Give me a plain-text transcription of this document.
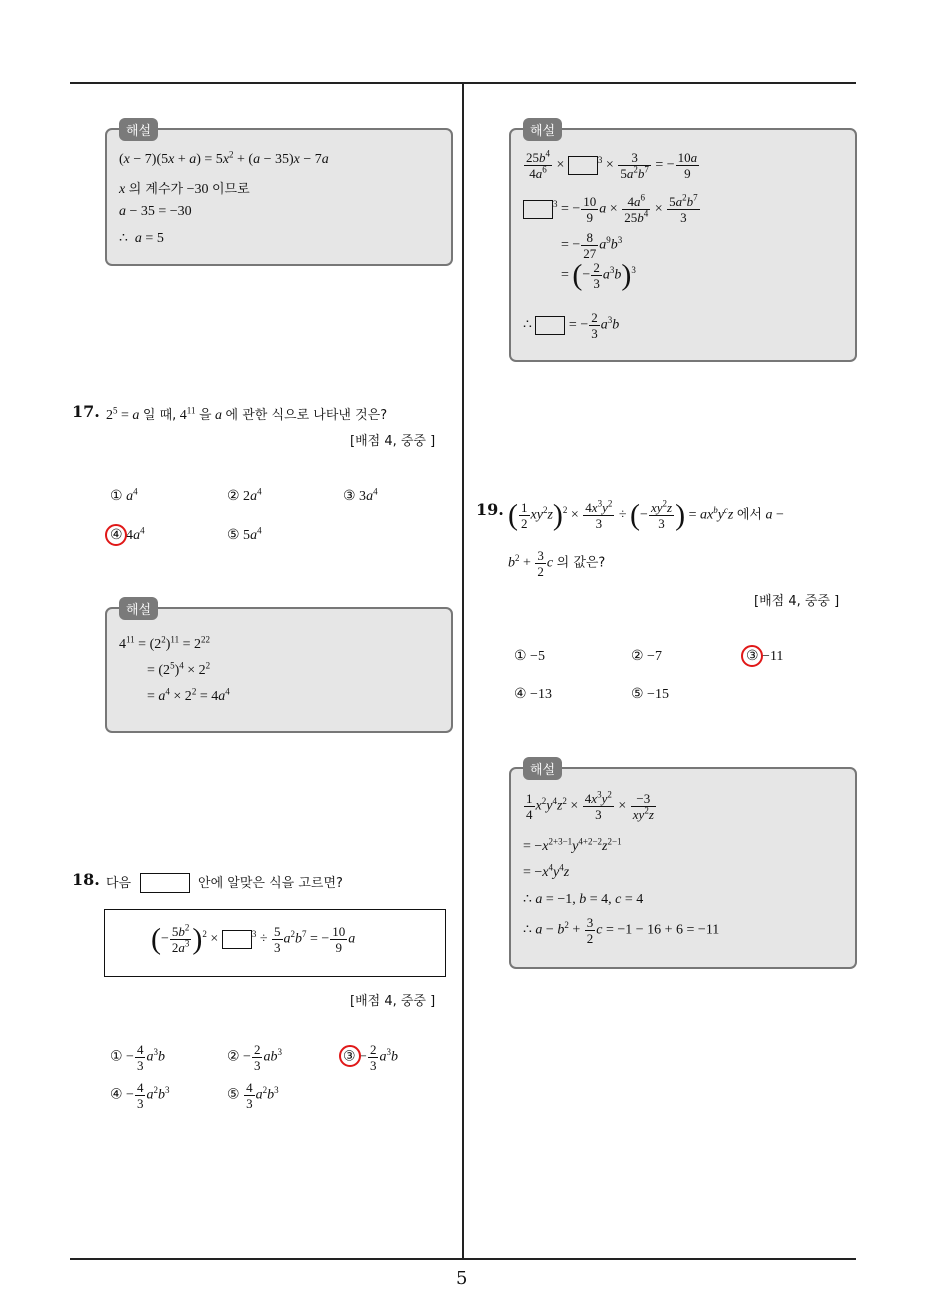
5
해설
$(x - 7)(5x + a) = 5x^2 + (a - 35)x - 7a$
x 의 계수가 −30 이므로
a − 35 = −30
∴  a = 5
17. $2^5 = a$ 일 때, $4^{11}$ 을 a 에 관한 식으로 나타낸 것은?
[배점 4, 중중 ]
① $a^4$	② $2a^4$	③ $3a^4$
④ $4a^4$	⑤ $5a^4$
해설
$4^{11} = (2^2)^{11} = 2^{22}$
= $(2^5)^4 \times 2^2$
= $a^4 \times 2^2 = 4a^4$
18. 다음	안에 알맞은 식을 고르면?
(− $\frac{5b^2}{2a^3} )^2$ ×	$^3 \div \frac{5}{3} a^2b^7$ = − $\frac{10}{9}$ a
[배점 4, 중중 ]
① − $\frac{4}{3} a^3b$	② − $\frac{2}{3} ab^3$	③ − $\frac{2}{3} a^3b$
④ − $\frac{4}{3} a^2b^3$	⑤ $\frac{4}{3} a^2b^3$
해설
$\frac{25b^4}{4a^6}$ ×	$^3 \times \frac{3}{5a^2b^7}$ = − $\frac{10a}{9}$
$^3$ = − $\frac{10}{9}$ $a \times \frac{4a^6}{25b^4} \times \frac{5a^2b^7}{3}$
= − $\frac{8}{27} a^9b^3$
= (− $\frac{2}{3} a^3b)^3$
∴  = − $\frac{2}{3} a^3b$
19. ( $\frac{1}{2} xy^2z)^2 \times \frac{4x^3y^2}{3}$ ÷ (− $\frac{xy^2z}{3}$ ) = $ax^by^cz$ 에서 a −
$b^2 + \frac{3}{2}$ c 의 값은?
[배점 4, 중중 ]
① −5	② −7	③ −11
④ −13	⑤ −15
해설
$\frac{1}{4} x^2y^4z^2 \times \frac{4x^3y^2}{3} \times \frac{-3}{xy^2z}$
= $-x^{2+3-1}y^{4+2-2}z^{2-1}$
= $-x^4y^4z$
∴ a = −1, b = 4, c = 4
∴ $a - b^2 + \frac{3}{2}$ c = −1 − 16 + 6 = −11
